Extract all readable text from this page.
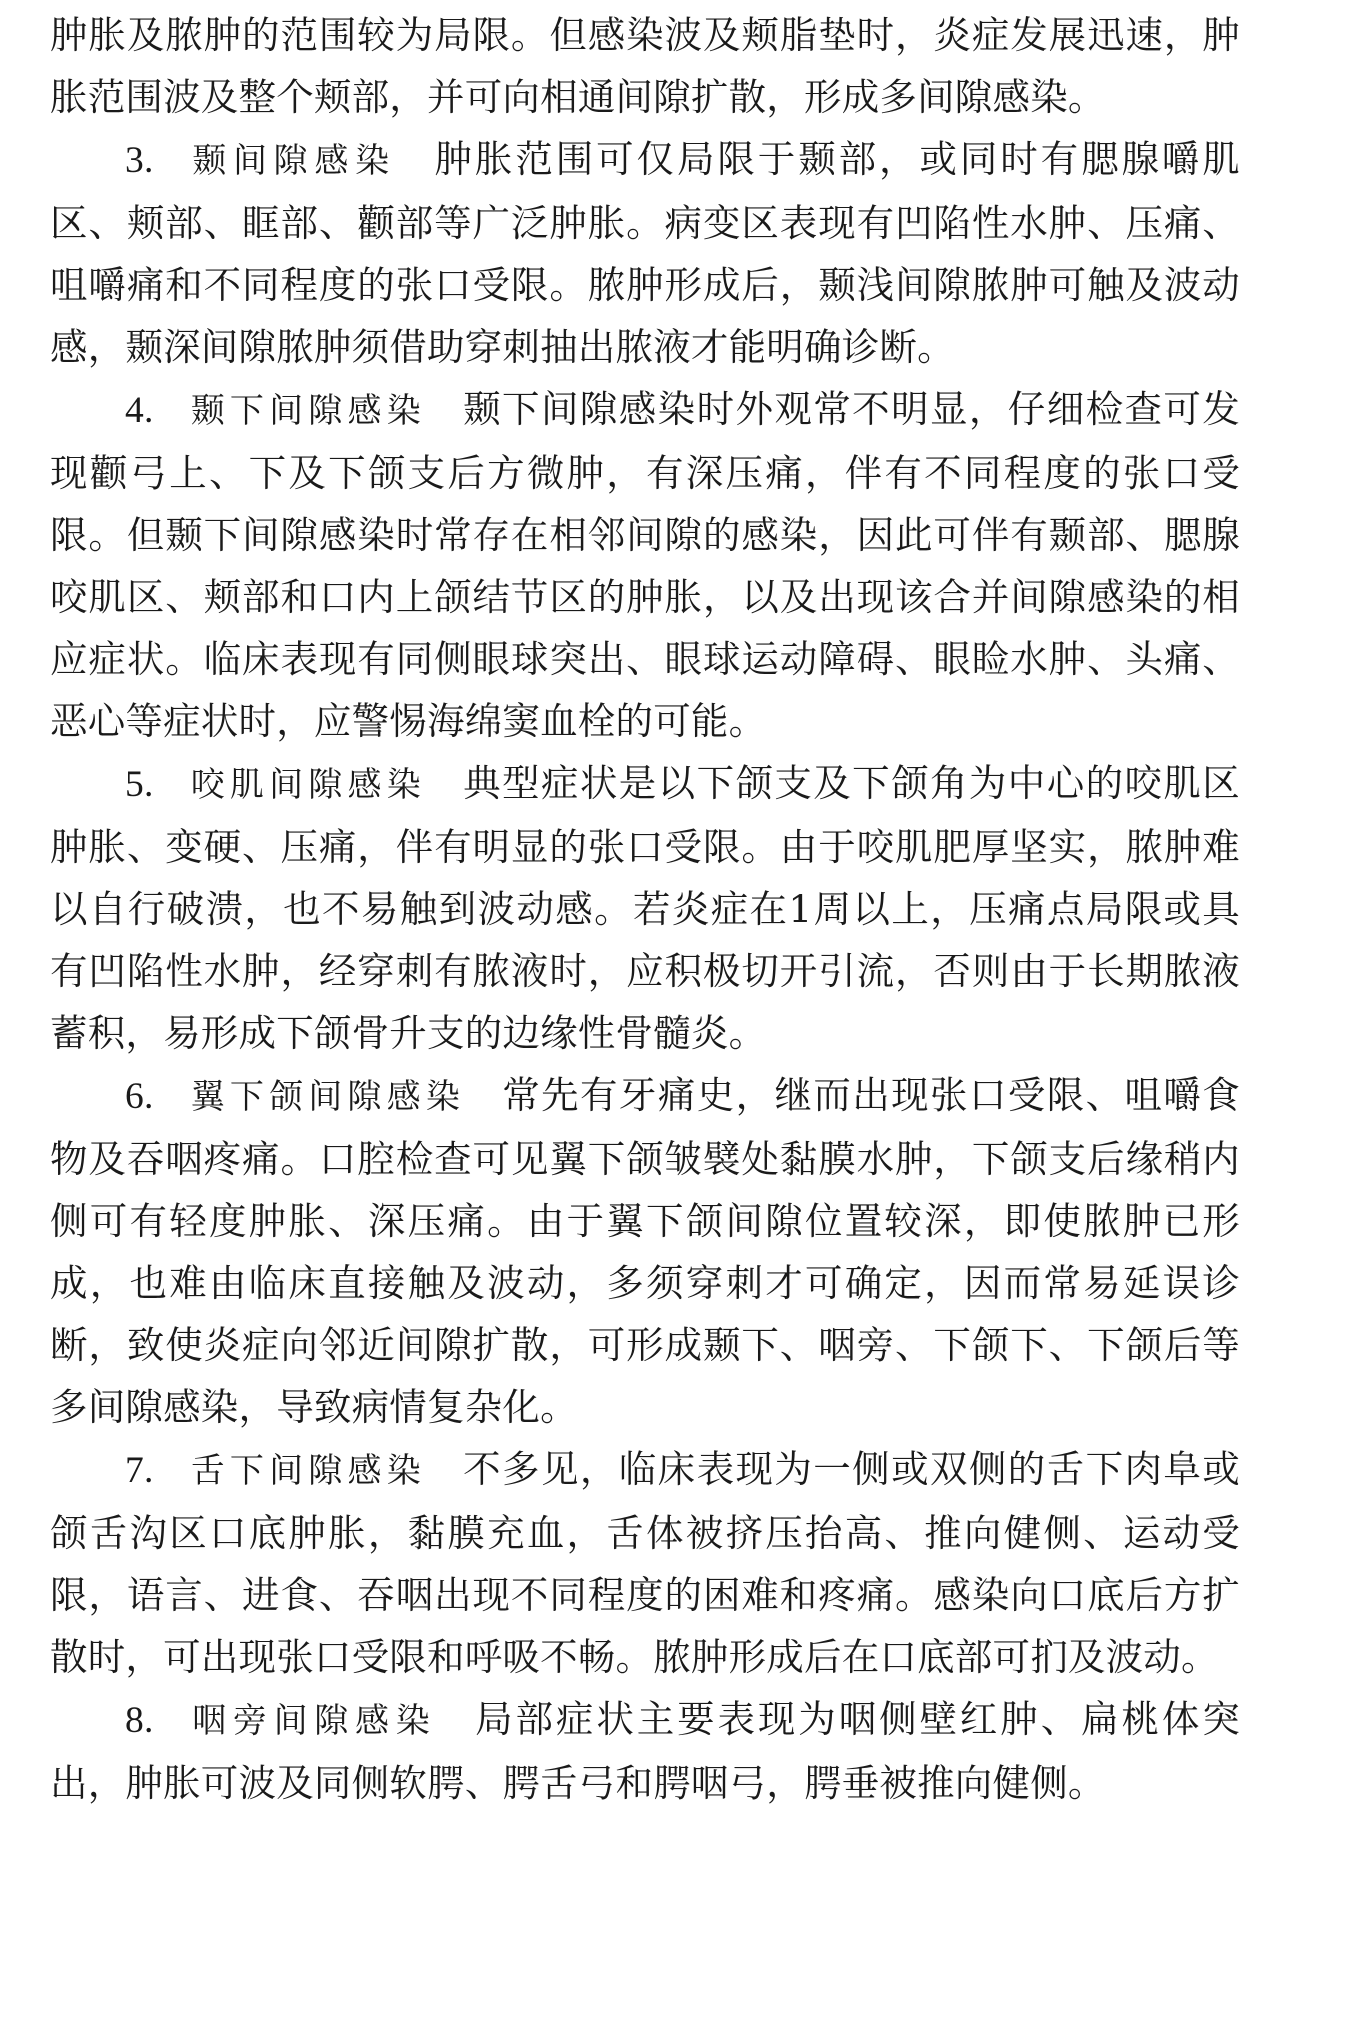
肿胀及脓肿的范围较为局限。但感染波及颊脂垫时，炎症发展迅速，肿胀范围波及整个颊部，并可向相通间隙扩散，形成多间隙感染。

3. 颞间隙感染 肿胀范围可仅局限于颞部，或同时有腮腺嚼肌区、颊部、眶部、颧部等广泛肿胀。病变区表现有凹陷性水肿、压痛、咀嚼痛和不同程度的张口受限。脓肿形成后，颞浅间隙脓肿可触及波动感，颞深间隙脓肿须借助穿刺抽出脓液才能明确诊断。

4. 颞下间隙感染 颞下间隙感染时外观常不明显，仔细检查可发现颧弓上、下及下颌支后方微肿，有深压痛，伴有不同程度的张口受限。但颞下间隙感染时常存在相邻间隙的感染，因此可伴有颞部、腮腺咬肌区、颊部和口内上颌结节区的肿胀，以及出现该合并间隙感染的相应症状。临床表现有同侧眼球突出、眼球运动障碍、眼睑水肿、头痛、恶心等症状时，应警惕海绵窦血栓的可能。

5. 咬肌间隙感染 典型症状是以下颌支及下颌角为中心的咬肌区肿胀、变硬、压痛，伴有明显的张口受限。由于咬肌肥厚坚实，脓肿难以自行破溃，也不易触到波动感。若炎症在1周以上，压痛点局限或具有凹陷性水肿，经穿刺有脓液时，应积极切开引流，否则由于长期脓液蓄积，易形成下颌骨升支的边缘性骨髓炎。

6. 翼下颌间隙感染 常先有牙痛史，继而出现张口受限、咀嚼食物及吞咽疼痛。口腔检查可见翼下颌皱襞处黏膜水肿，下颌支后缘稍内侧可有轻度肿胀、深压痛。由于翼下颌间隙位置较深，即使脓肿已形成，也难由临床直接触及波动，多须穿刺才可确定，因而常易延误诊断，致使炎症向邻近间隙扩散，可形成颞下、咽旁、下颌下、下颌后等多间隙感染，导致病情复杂化。

7. 舌下间隙感染 不多见，临床表现为一侧或双侧的舌下肉阜或颌舌沟区口底肿胀，黏膜充血，舌体被挤压抬高、推向健侧、运动受限，语言、进食、吞咽出现不同程度的困难和疼痛。感染向口底后方扩散时，可出现张口受限和呼吸不畅。脓肿形成后在口底部可扪及波动。

8. 咽旁间隙感染 局部症状主要表现为咽侧壁红肿、扁桃体突出，肿胀可波及同侧软腭、腭舌弓和腭咽弓，腭垂被推向健侧。
